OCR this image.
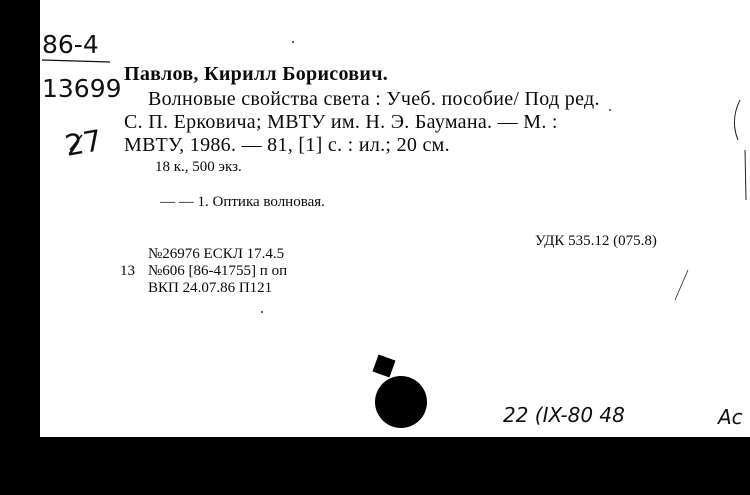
86-4
13699
27
Павлов, Кирилл Борисович.
Волновые свойства света : Учеб. пособие/ Под ред.
С. П. Ерковича; МВТУ им. Н. Э. Баумана. — М. :
МВТУ, 1986. — 81, [1] с. : ил.; 20 см.
18 к., 500 экз.
— — 1. Оптика волновая.
УДК 535.12 (075.8)
№26976 ЕСКЛ 17.4.5
13 №606 [86-41755] п оп
ВКП 24.07.86 П121
22 (IX-80 48	Ac
